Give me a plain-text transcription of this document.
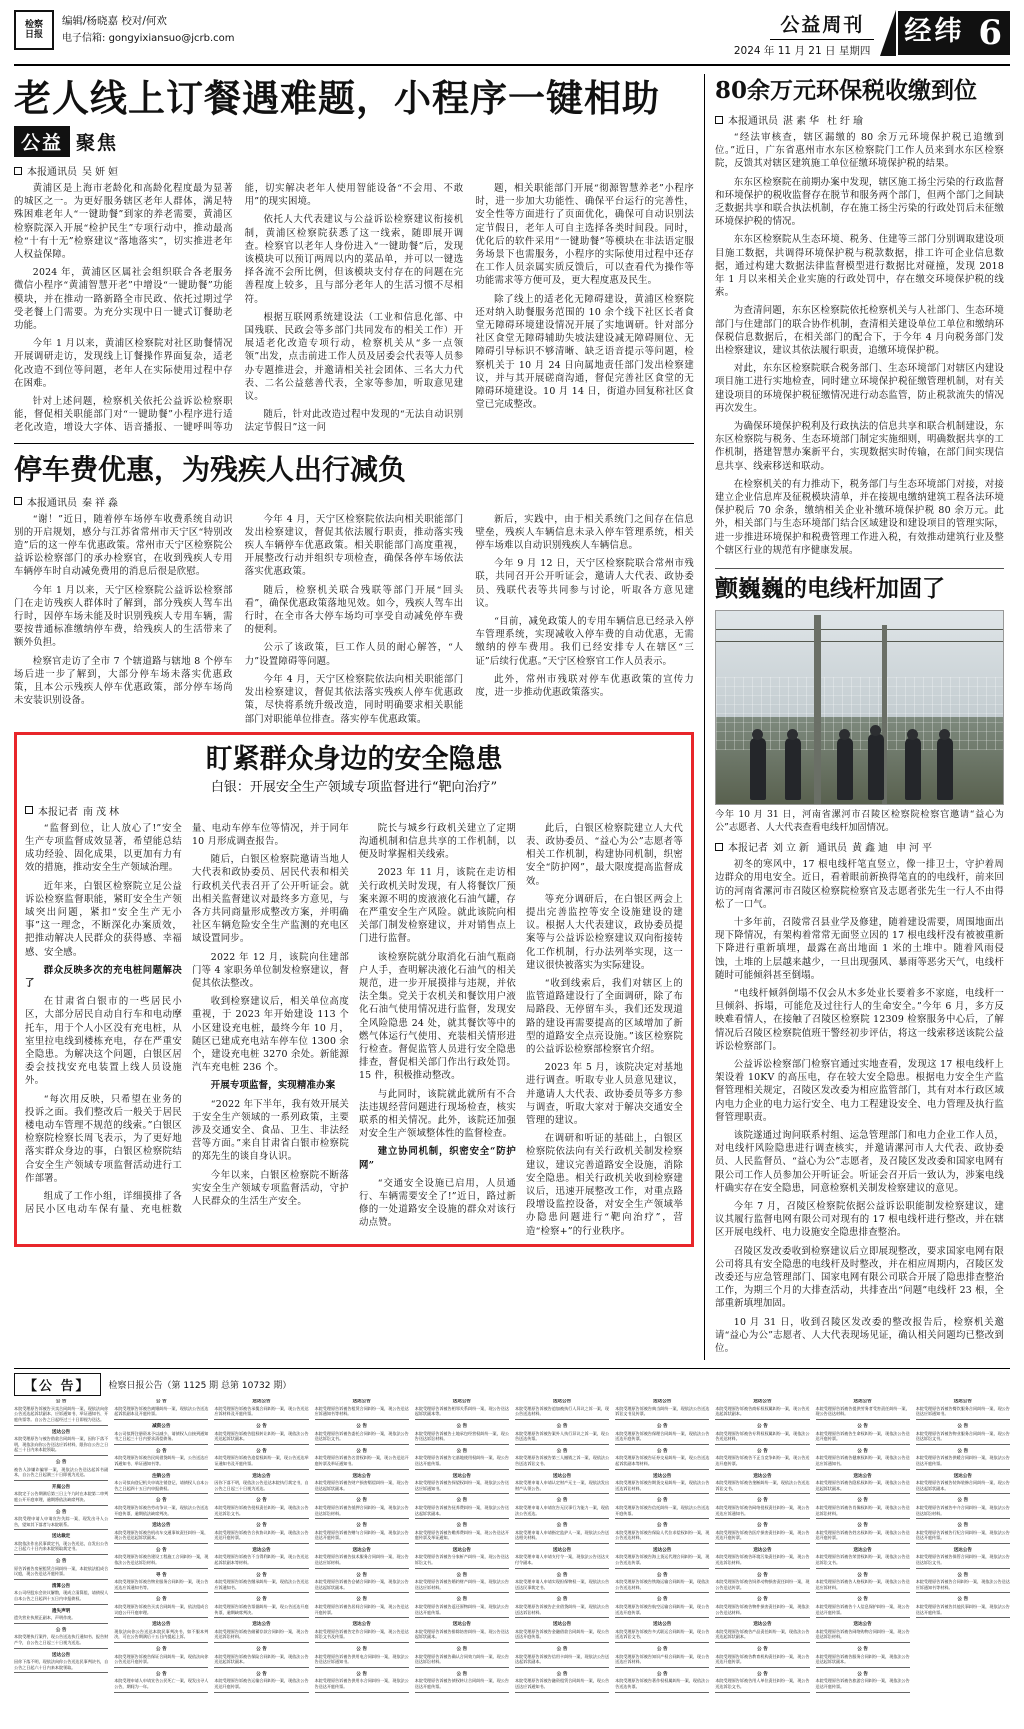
检察
日报
编辑/杨晓嘉 校对/何欢
电子信箱: gongyixiansuo@jcrb.com
公益周刊
2024 年 11 月 21 日 星期四
经纬 6
老人线上订餐遇难题，小程序一键相助
公益 聚焦
本报通讯员 吴妍姮

黄浦区是上海市老龄化和高龄化程度最为显著的城区之一。为更好服务辖区老年人群体，满足特殊困难老年人“一键助餐”到家的养老需要，黄浦区检察院深入开展“检护民生”专项行动中，推动最高检“十有十无”检察建议“落地落实”，切实推进老年人权益保障。

2024 年，黄浦区区属社会组织联合各老服务微信小程序“黄浦智慧开老”中增设“一键助餐”功能模块，并在推动一路新路全市民政、依托过期过学受老餐上门需要。为充分实现中日一键式订餐助老功能。

今年 1 月以来，黄浦区检察院对社区助餐情况开展调研走访，发现线上订餐操作界面复杂，适老化改造不到位等问题，老年人在实际使用过程中存在困难。

针对上述问题，检察机关依托公益诉讼检察职能，督促相关职能部门对“一键助餐”小程序进行适老化改造，增设大字体、语音播报、一键呼叫等功能，切实解决老年人使用智能设备“不会用、不敢用”的现实困境。

依托人大代表建议与公益诉讼检察建议衔接机制，黄浦区检察院获悉了这一线索，随即展开调查。检察官以老年人身份进入“一键助餐”后，发现该模块可以预订两周以内的菜品单，并可以一键选择各流不会所比例，但该模块支付存在的问题在完善程度上较多，且与部分老年人的生活习惯不尽相符。

根据互联网系统建设法（工业和信息化部、中国残联、民政会等多部门共同发布的相关工作）开展适老化改造专项行动，检察机关从“多一点领领”出发，点击前进工作人员及居委会代表等人员参办专题推进会，并邀请相关社会团体、三名大力代表、二名公益慈善代表，全家等参加，听取意见建议。

随后，针对此改造过程中发现的“无法自动识别法定节假日”这一问

题，相关职能部门开展“彻源智慧养老”小程序时，进一步加大功能性、确保平台运行的完善性，安全性等方面进行了页面优化，确保可自动识别法定节假日，老年人可自主选择各类时间段。同时，优化后的软件采用“一键助餐”等模块在非法语定服务场景下也需服务，小程序的实际使用过程中还存在工作人员亲属实质反馈后，可以查看代为操作等功能需求等方便可及，更大程度惠及民生。

除了线上的适老化无障碍建设，黄浦区检察院还对纳入助餐服务范围的 10 余个线下社区长者食堂无障碍环境建设情况开展了实地调研。针对部分社区食堂无障碍辅助失坡法建设减无障碍厕位、无障碍引导标识不够清晰、缺乏语音提示等问题，检察机关于 10 月 24 日向属地责任部门发出检察建议，并与其开展磋商沟通，督促完善社区食堂的无障碍环境建设。10 月 14 日，街道办回复称社区食堂已完成整改。

停车费优惠，为残疾人出行减负
本报通讯员 秦祥淼

“谢！”近日，随着停车场停车收费系统自动识别的开启规划，感分与江苏省常州市天宁区“特别改造”后的这一停车优惠政策。常州市天宁区检察院公益诉讼检察部门的承办检察官，在收到残疾人专用车辆停车时自动减免费用的消息后很是欣慰。

今年 1 月以来，天宁区检察院公益诉讼检察部门在走访残疾人群体时了解到，部分残疾人驾车出行时，因停车场未能及时识别残疾人专用车辆，需要按普通标准缴纳停车费，给残疾人的生活带来了额外负担。

检察官走访了全市 7 个辖道路与辖地 8 个停车场后进一步了解到，大部分停车场未落实优惠政策，且本公示残疾人停车优惠政策，部分停车场尚未安装识别设备。

今年 4 月，天宁区检察院依法向相关职能部门发出检察建议，督促其依法履行职责，推动落实残疾人车辆停车优惠政策。相关职能部门高度重视，开展整改行动并组织专项检查，确保各停车场依法落实优惠政策。

随后，检察机关联合残联等部门开展“回头看”，确保优惠政策落地见效。如今，残疾人驾车出行时，在全市各大停车场均可享受自动减免停车费的便利。

公示了该政策，巨工作人员的耐心解答，“人力”设置障碍等问题。

今年 4 月，天宁区检察院依法向相关职能部门发出检察建议，督促其依法落实残疾人停车优惠政策，尽快将系统升级改造，同时明确要求相关职能部门对职能单位排查。落实停车优惠政策。

新后，实践中，由于相关系统门之间存在信息壁垒，残疾人车辆信息未录入停车管理系统，相关停车场难以自动识别残疾人车辆信息。

今年 9 月 12 日，天宁区检察院联合常州市残联，共同召开公开听证会，邀请人大代表、政协委员、残联代表等共同参与讨论，听取各方意见建议。

“目前，减免政策人的专用车辆信息已经录入停车管理系统，实现减收入停车费的自动优惠，无需缴纳的停车费用。我们已经安排专人在辖区“三证”后续行优惠。”天宁区检察官工作人员表示。

此外，常州市残联对停车优惠政策的宣传力度，进一步推动优惠政策落实。

盯紧群众身边的安全隐患
白银：开展安全生产领域专项监督进行“靶向治疗”
本报记者 南茂林

“监督到位，让人放心了!”安全生产专项监督成效显著，希望能总结成功经验、固化成果，以更加有力有效的措施，推动安全生产领域治理。

近年来，白银区检察院立足公益诉讼检察监督职能，紧盯安全生产领域突出问题，紧扣“安全生产无小事”这一理念，不断深化办案质效，把推动解决人民群众的获得感、幸福感、安全感。

群众反映多次的充电桩问题解决了

在甘肃省白银市的一些居民小区，大部分居民自动自行车和电动摩托车，用于个人小区没有充电桩，从室里拉电线到楼栋充电，存在严重安全隐患。为解决这个问题，白银区居委会技找安充电装置上线人员设施外。

“每次用反映，只希望在业务的投诉之面。我们整改后一般关于居民楼电动车管理不规范的线索。”白银区检察院检察长周飞表示，为了更好地落实群众身边的事，白银区检察院结合安全生产领域专项监督活动进行工作部署。

组成了工作小组，详细摸排了各居民小区电动车保有量、充电桩数量、电动车停车位等情况，并于同年 10 月形成调查报告。

随后，白银区检察院邀请当地人大代表和政协委员、居民代表和相关行政机关代表召开了公开听证会。就出相关监督建议对最终多方意见，与各方共同商量形成整改方案，并明确社区车辆危险安全生产监测的充电区域设置同步。

2022 年 12 月，该院向住建部门等 4 家职务单位制发检察建议，督促其依法整改。

收到检察建议后，相关单位高度重视，于 2023 年开始建设 113 个小区建设充电桩，最终今年 10 月，随区已建成充电站车停车位 1300 余个，建设充电桩 3270 余处。新能源汽车充电桩 236 个。

开展专项监督，实现精准办案

“2022 年下半年，我有效开展关于安全生产领域的一系列政策，主要涉及交通安全、食品、卫生、非法经营等方面。”来自甘肃省白银市检察院的郑先生的谈自身认识。

今年以来，白银区检察院不断落实安全生产领域专项监督活动，守护人民群众的生活生产安全。

院长与城乡行政机关建立了定期沟通机制和信息共享的工作机制，以便及时掌握相关线索。

2023 年 11 月，该院在走访相关行政机关时发现，有人将餐饮厂预案来源不明的废液液化石油气罐，存在严重安全生产风险。就此该院向相关部门制发检察建议，并对销售点上门进行监督。

该检察院就分取消化石油气瓶商户人手，查明解决液化石油气的相关规范，进一步开展摸排与违规，并依法全集。党关于农机关和餐饮用户液化石油气使用情况进行监督，发现安全风险隐患 24 处，就其餐饮等中的燃气体运行气使用、充装相关情形进行检查。督促监管人员进行安全隐患排查，督促相关部门作出行政处罚。15 件，积极推动整改。

与此同时，该院就此就所有不合法违规经营问题进行现场检查，核实联系的相关情况。此外，该院还加强对安全生产领域整体性的监督检查。

建立协同机制，织密安全“防护网”

“交通安全设施已启用，人员通行、车辆需要安全了!”近日，路过新修的一处道路安全设施的群众对该行动点赞。

此后，白银区检察院建立人大代表、政协委员、“益心为公”志愿者等相关工作机制，构建协同机制，织密安全“防护网”，最大限度提高监督成效。

等充分调研后，在白银区两会上提出完善监控等安全设施建设的建议。根据人大代表建议，政协委员提案等与公益诉讼检察建议双向衔接转化工作机制，行办法列举实现，这一建议很快被落实为实际建设。

“收到线索后，我们对辖区上的监管道路建设行了全面调研，除了布局路段、无停留车头，我们还发现道路的建设再需要提高的区域增加了新型的道路安全点亮设施。”该区检察院的公益诉讼检察部检察官介绍。

2023 年 5 月，该院决定对基地进行调查。听取专业人员意见建议，并邀请人大代表、政协委员等多方参与调查，听取大家对于解决交通安全管理的建议。

在调研和听证的基础上，白银区检察院依法向有关行政机关制发检察建议，建议完善道路安全设施，消除安全隐患。相关行政机关收到检察建议后，迅速开展整改工作，对重点路段增设监控设备，对安全生产领域举办隐患问题进行“靶向治疗”，营造“检察+”的行业秩序。

80余万元环保税收缴到位
本报通讯员 湛素华 杜纡瑜

“经法审核查，辖区漏缴的 80 余万元环境保护税已追缴到位。”近日，广东省惠州市水东区检察院门工作人员来到水东区检察院，反馈其对辖区建筑施工单位征缴环境保护税的结果。

东东区检察院在前期办案中发现，辖区施工扬尘污染的行政监督和环境保护的税收监督存在脱节和服务两个部门，但两个部门之间缺乏数据共享和联合执法机制，存在施工扬尘污染的行政处罚后未征缴环境保护税的情况。

东东区检察院从生态环境、税务、住建等三部门分别调取建设项目施工数据，共调得环境保护税与税款数据，排工许可企业信息数据，通过构建大数据法律监督模型进行数据比对碰撞，发现 2018 年 1 月以来相关企业实施的行政处罚中，存在缴交环境保护税的线索。

为查清问题，东东区检察院依托检察机关与人社部门、生态环境部门与住建部门的联合协作机制，查清相关建设单位工单位和缴纳环保税信息数据后，在相关部门的配合下，于今年 4 月向税务部门发出检察建议，建议其依法履行职责，追缴环境保护税。

对此，东东区检察院联合税务部门、生态环境部门对辖区内建设项目施工进行实地检查，同时建立环境保护税征缴管理机制，对有关建设项目的环境保护税征缴情况进行动态监管，防止税款流失的情况再次发生。

为确保环境保护税利及行政执法的信息共享和联合机制建设，东东区检察院与税务、生态环境部门制定实施细则，明确数据共享的工作机制，搭建智慧办案新平台，实现数据实时传输，在部门间实现信息共享、线索移送和联动。

在检察机关的有力推动下，税务部门与生态环境部门对接，对接建立企业信息库及征税模块清单，并在接规电缴纳建筑工程各法环境保护税后 70 余条，缴纳相关企业补缴环境保护税 80 余万元。此外，相关部门与生态环境部门结合区域建设和建设项目的管理实际，进一步推进环境保护和税费管理工作进入税，有效推动建筑行业及整个辖区行业的规范有序健康发展。

颤巍巍的电线杆加固了
今年 10 月 31 日，河南省漯河市召陵区检察院检察官邀请“益心为公”志愿者、人大代表查看电线杆加固情况。
本报记者 刘立新 通讯员 黄鑫迪 申河平

初冬的寒风中，17 根电线杆笔直竖立，像一排卫士，守护着周边群众的用电安全。近日，看着眼前新换得笔直的的电线杆，前来回访的河南省漯河市召陵区检察院检察官及志愿者张先生一行人不由得松了一口气。

十多年前，召陵常召县业学及修建，随着建设需要，周围地面出现下降情况，有架构着常常无面竖立因的 17 根电线杆没有被被重新下降进行重新填埋，最露在高出地面 1 米的土堆中。随着风雨侵蚀，土堆的上层越来越少，一旦出现强风、暴雨等恶劣天气，电线杆随时可能倾斜甚至倒塌。

“电线杆倾斜倒塌不仅会从木多处业长要着多不家庭，电线杆一旦倾斜、拆塌，可能危及过往行人的生命安全。”今年 6 月，多方反映难看情人，在接触了召陵区检察院 12309 检察服务中心后，了解情况后召陵区检察院值班干警经初步评估，将这一线索移送该院公益诉讼检察部门。

公益诉讼检察部门检察官通过实地查看，发现这 17 根电线杆上架设着 10KV 的高压电，存在较大安全隐患。根据电力安全生产监督管理相关规定，召陵区发改委为相应监管部门，其有对本行政区域内电力企业的电力运行安全、电力工程建设安全、电力管理及执行监督管理职责。

该院遂通过询问联系村组、运急管理部门和电力企业工作人员，对电线杆风险隐患进行调查核实，并邀请漯河市人大代表、政协委员、人民监督员、“益心为公”志愿者，及召陵区发改委和国家电网有限公司工作人员参加公开听证会。听证会召开后一致认为，涉案电线杆确实存在安全隐患，同意检察机关制发检察建议的意见。

今年 7 月，召陵区检察院依据公益诉讼职能制发检察建议，建议其履行监督电网有限公司对现有的 17 根电线杆进行整改，并在辖区开展电线杆、电力设施安全隐患排查整治。

召陵区发改委收到检察建议后立即展现整改，要求国家电网有限公司将具有安全隐患的电线杆及时整改，并在相应周期内，召陵区发改委还与应急管理部门、国家电网有限公司联合开展了隐患排查整治工作，为期三个月的大排查活动，共排查出“问题”电线杆 23 根，全部重新填埋加固。

10 月 31 日，收到召陵区发改委的整改报告后，检察机关邀请“益心为公”志愿者、人大代表现场见证，确认相关问题均已整改到位。

【公 告】	检察日报公告（第 1125 期 总第 10732 期）
公 告
本院受理原告诉被告买卖合同纠纷一案，现依法向你公告送达起诉状副本、应诉通知书、举证通知书、开庭传票等。自公告之日起经过三十日即视为送达。
送达公告
本院受理原告与被告借款合同纠纷一案，因你下落不明，现依法向你公告送达应诉材料，限你自公告之日起三十日内来本院领取。
公 告
被告人涉嫌诈骗罪一案，现依法公告送达起诉书副本，自公告之日起满三十日即视为送达。
开庭公告
本院定于公告期满后第三日上午九时在本院第二审判庭公开开庭审理，逾期将依法缺席判决。
公 告
本院受理申请人申请宣告失踪一案，现发出寻人公告，望知其下落者与本院联系。
送达裁定
本院依法作出民事裁定书，现公告送达，自发出公告之日起六十日内来本院领取裁定书。
公 告
原告诉被告房屋租赁合同纠纷一案，本院依法组成合议庭，现公告送达开庭传票。
清算公告
本公司经股东会决议解散，现成立清算组，请债权人自本公告之日起四十五日内申报债权。
遗失声明
遗失营业执照正副本，声明作废。
公 告
本院受理执行案件，现公告送达执行通知书、报告财产令，自公告之日起三十日视为送达。
送达公告
因你下落不明，现依法向你公告送达民事判决书，自公告之日起六十日内来本院领取。
公 告
本院受理原告诉被告离婚纠纷一案，现依法公告送达起诉状副本及开庭传票。
减资公告
本公司拟将注册资本予以减少，请债权人自接到通知书之日起三十日内要求清偿债务。
公 告
本院受理原告诉被告民间借贷纠纷一案，公告送达应诉通知书、举证通知书等。
注销公告
本公司拟向登记机关申请注销登记，请债权人自本公告之日起四十五日内申报债权。
公 告
本院受理原告诉被告劳动争议一案，现依法公告送达开庭传票，逾期依法缺席判决。
送达公告
本院受理原告诉被告机动车交通事故责任纠纷一案，现公告送达起诉状副本。
公 告
本院受理原告诉被告建设工程施工合同纠纷一案，现依法公告送达诉讼材料。
寻 告
本院受理原告诉被告物业服务合同纠纷一案，现公告送达应诉通知书等。
公 告
本院受理原告诉被告买卖合同纠纷一案，依法组成合议庭公开开庭审理。
送达公告
现依法向你公告送达本院民事判决书，如不服本判决，可在公告期满后十五日内提起上诉。
公 告
本院受理原告诉被告保证合同纠纷一案，现依法向你公告送达开庭传票。
公 告
本院受理申请人申请宣告公民死亡一案，现发出寻人公告，期间为一年。
送达公告
本院受理原告诉被告承揽合同纠纷一案，现公告送达应诉材料及开庭传票。
公 告
本院受理原告诉被告股权转让纠纷一案，现依法公告送达起诉状副本。
公 告
本院受理原告诉被告追偿权纠纷一案，现公告送达举证通知书及开庭传票。
送达公告
因你下落不明，现依法公告送达本院执行裁定书，自公告之日起三十日视为送达。
公 告
本院受理原告诉被告侵权责任纠纷一案，现依法公告送达诉讼文书。
公 告
本院受理原告诉被告合伙协议纠纷一案，现依法公告送达开庭传票。
送达公告
本院受理原告诉被告不当得利纠纷一案，现公告送达起诉状副本等材料。
公 告
本院受理原告诉被告继承纠纷一案，现依法公告送达应诉通知书。
公 告
本院受理原告诉被告票据纠纷一案，现公告送达开庭传票，逾期缺席判决。
送达公告
本院受理原告诉被告储蓄存款合同纠纷一案，现公告送达诉讼材料。
公 告
本院受理原告诉被告保险合同纠纷一案，现依法公告送达起诉状副本。
公 告
本院受理原告诉被告运输合同纠纷一案，现依法公告送达开庭传票。
送达公告
本院受理原告诉被告租赁合同纠纷一案，现公告送达应诉通知书等材料。
公 告
本院受理原告诉被告委托合同纠纷一案，现依法公告送达诉讼文书。
公 告
本院受理原告诉被告名誉权纠纷一案，现公告送达开庭传票及举证通知书。
送达公告
本院受理原告诉被告财产损害赔偿纠纷一案，现公告送达起诉状副本。
公 告
本院受理原告诉被告抵押合同纠纷一案，现依法公告送达诉讼材料。
公 告
本院受理原告诉被告赠与合同纠纷一案，现依法公告送达开庭传票。
送达公告
本院受理原告诉被告技术服务合同纠纷一案，现公告送达应诉材料。
公 告
本院受理原告诉被告仓储合同纠纷一案，现依法公告送达起诉状副本。
公 告
本院受理原告诉被告居间合同纠纷一案，现公告送达开庭传票。
送达公告
本院受理原告诉被告定作合同纠纷一案，现公告送达诉讼文书及传票。
公 告
本院受理原告诉被告供用电合同纠纷一案，现依法公告送达应诉通知书。
公 告
本院受理原告诉被告供用水合同纠纷一案，现依法公告送达开庭传票。
送达公告
本院受理原告诉被告相邻关系纠纷一案，现公告送达起诉状副本等。
公 告
本院受理原告诉被告土地承包经营权纠纷一案，现公告送达诉讼材料。
公 告
本院受理原告诉被告宅基地使用权纠纷一案，现公告送达开庭传票。
送达公告
本院受理原告诉被告探望权纠纷一案，现依法公告送达应诉通知书。
公 告
本院受理原告诉被告抚养费纠纷一案，现依法公告送达起诉状副本。
公 告
本院受理原告诉被告赡养费纠纷一案，现公告送达开庭传票及举证通知。
送达公告
本院受理原告诉被告分家析产纠纷一案，现公告送达诉讼文书。
公 告
本院受理原告诉被告婚约财产纠纷一案，现依法公告送达应诉材料。
公 告
本院受理原告诉被告返还原物纠纷一案，现依法公告送达开庭传票。
送达公告
本院受理原告诉被告排除妨害纠纷一案，现公告送达起诉状副本。
公 告
本院受理原告诉被告确认合同效力纠纷一案，现公告送达诉讼材料。
公 告
本院受理原告诉被告债权转让合同纠纷一案，现公告送达开庭传票。
送达公告
本院受理原告诉被告追加被执行人异议之诉一案，现公告送达材料。
公 告
本院受理原告诉被告案外人执行异议之诉一案，现公告送达传票。
公 告
本院受理原告诉被告第三人撤销之诉一案，现依法公告送达诉讼文书。
送达公告
本院受理申请人申请认定财产无主一案，现依法发出财产认领公告。
公 告
本院受理申请人申请宣告无民事行为能力一案，现依法公告送达。
公 告
本院受理申请人申请指定监护人一案，现依法公告送达相关材料。
送达公告
本院受理申请人申请支付令一案，现依法公告送达支付令副本。
公 告
本院受理申请人申请实现担保物权一案，现依法公告送达民事裁定书。
公 告
本院受理原告诉被告企业借贷纠纷一案，现依法公告送达诉讼材料。
送达公告
本院受理原告诉被告金融借款合同纠纷一案，现公告送达开庭传票。
公 告
本院受理原告诉被告信用卡纠纷一案，现依法公告送达起诉状副本。
公 告
本院受理原告诉被告融资租赁合同纠纷一案，现公告送达应诉通知书。
送达公告
本院受理原告诉被告典当纠纷一案，现依法公告送达诉讼文书及传票。
公 告
本院受理原告诉被告保理合同纠纷一案，现依法公告送达开庭传票。
公 告
本院受理原告诉被告证券交易纠纷一案，现公告送达起诉状副本等材料。
送达公告
本院受理原告诉被告期货交易纠纷一案，现依法公告送达诉讼材料。
公 告
本院受理原告诉被告信托纠纷一案，现依法公告送达开庭传票。
公 告
本院受理原告诉被告保险人代位求偿权纠纷一案，现公告送达材料。
送达公告
本院受理原告诉被告海上货运代理合同纠纷一案，现公告送达传票。
公 告
本院受理原告诉被告铁路运输合同纠纷一案，现依法公告送达材料。
公 告
本院受理原告诉被告航空运输合同纠纷一案，现公告送达开庭传票。
送达公告
本院受理原告诉被告多式联运合同纠纷一案，现公告送达诉讼文书。
公 告
本院受理原告诉被告知识产权合同纠纷一案，现公告送达应诉材料。
公 告
本院受理原告诉被告著作权权属纠纷一案，现依法公告送达传票。
送达公告
本院受理原告诉被告商标权权属纠纷一案，现公告送达起诉状副本。
公 告
本院受理原告诉被告专利权权属纠纷一案，现依法公告送达材料。
公 告
本院受理原告诉被告不正当竞争纠纷一案，现公告送达开庭传票。
送达公告
本院受理原告诉被告垄断纠纷一案，现依法公告送达诉讼文书。
公 告
本院受理原告诉被告网络侵权责任纠纷一案，现公告送达应诉通知书。
公 告
本院受理原告诉被告医疗损害责任纠纷一案，现公告送达开庭传票。
送达公告
本院受理原告诉被告环境污染责任纠纷一案，现公告送达诉讼材料。
公 告
本院受理原告诉被告饲养动物损害责任纠纷一案，现公告送达传票。
公 告
本院受理原告诉被告物件损害责任纠纷一案，现依法公告送达材料。
送达公告
本院受理原告诉被告产品责任纠纷一案，现依法公告送达起诉状副本。
公 告
本院受理原告诉被告教育机构责任纠纷一案，现公告送达开庭传票。
公 告
本院受理原告诉被告用人单位责任纠纷一案，现公告送达诉讼文书。
送达公告
本院受理原告诉被告提供劳务者受害责任纠纷一案，现公告送达材料。
公 告
本院受理原告诉被告生命权纠纷一案，现依法公告送达开庭传票。
公 告
本院受理原告诉被告健康权纠纷一案，现依法公告送达应诉通知书。
送达公告
本院受理原告诉被告隐私权纠纷一案，现依法公告送达起诉状副本。
公 告
本院受理原告诉被告肖像权纠纷一案，现依法公告送达诉讼材料。
公 告
本院受理原告诉被告姓名权纠纷一案，现依法公告送达开庭传票。
送达公告
本院受理原告诉被告荣誉权纠纷一案，现依法公告送达诉讼文书。
公 告
本院受理原告诉被告人格权纠纷一案，现依法公告送达应诉材料。
公 告
本院受理原告诉被告个人信息保护纠纷一案，现公告送达开庭传票。
送达公告
本院受理原告诉被告网络购物合同纠纷一案，现公告送达诉讼材料。
公 告
本院受理原告诉被告服务合同纠纷一案，现依法公告送达起诉状副本。
公 告
本院受理原告诉被告旅游合同纠纷一案，现依法公告送达开庭传票。
送达公告
本院受理原告诉被告餐饮服务合同纠纷一案，现公告送达应诉通知书。
公 告
本院受理原告诉被告物业服务合同纠纷一案，现公告送达诉讼文书。
公 告
本院受理原告诉被告供暖合同纠纷一案，现依法公告送达开庭传票。
送达公告
本院受理原告诉被告装饰装修合同纠纷一案，现公告送达起诉状副本。
公 告
本院受理原告诉被告中介合同纠纷一案，现依法公告送达诉讼材料。
公 告
本院受理原告诉被告行纪合同纠纷一案，现依法公告送达开庭传票。
送达公告
本院受理原告诉被告保管合同纠纷一案，现依法公告送达诉讼文书。
公 告
本院受理原告诉被告合同纠纷一案，现依法公告送达应诉通知书等材料。
公 告
本院受理原告诉被告其他民事纠纷一案，现依法公告送达开庭传票。
